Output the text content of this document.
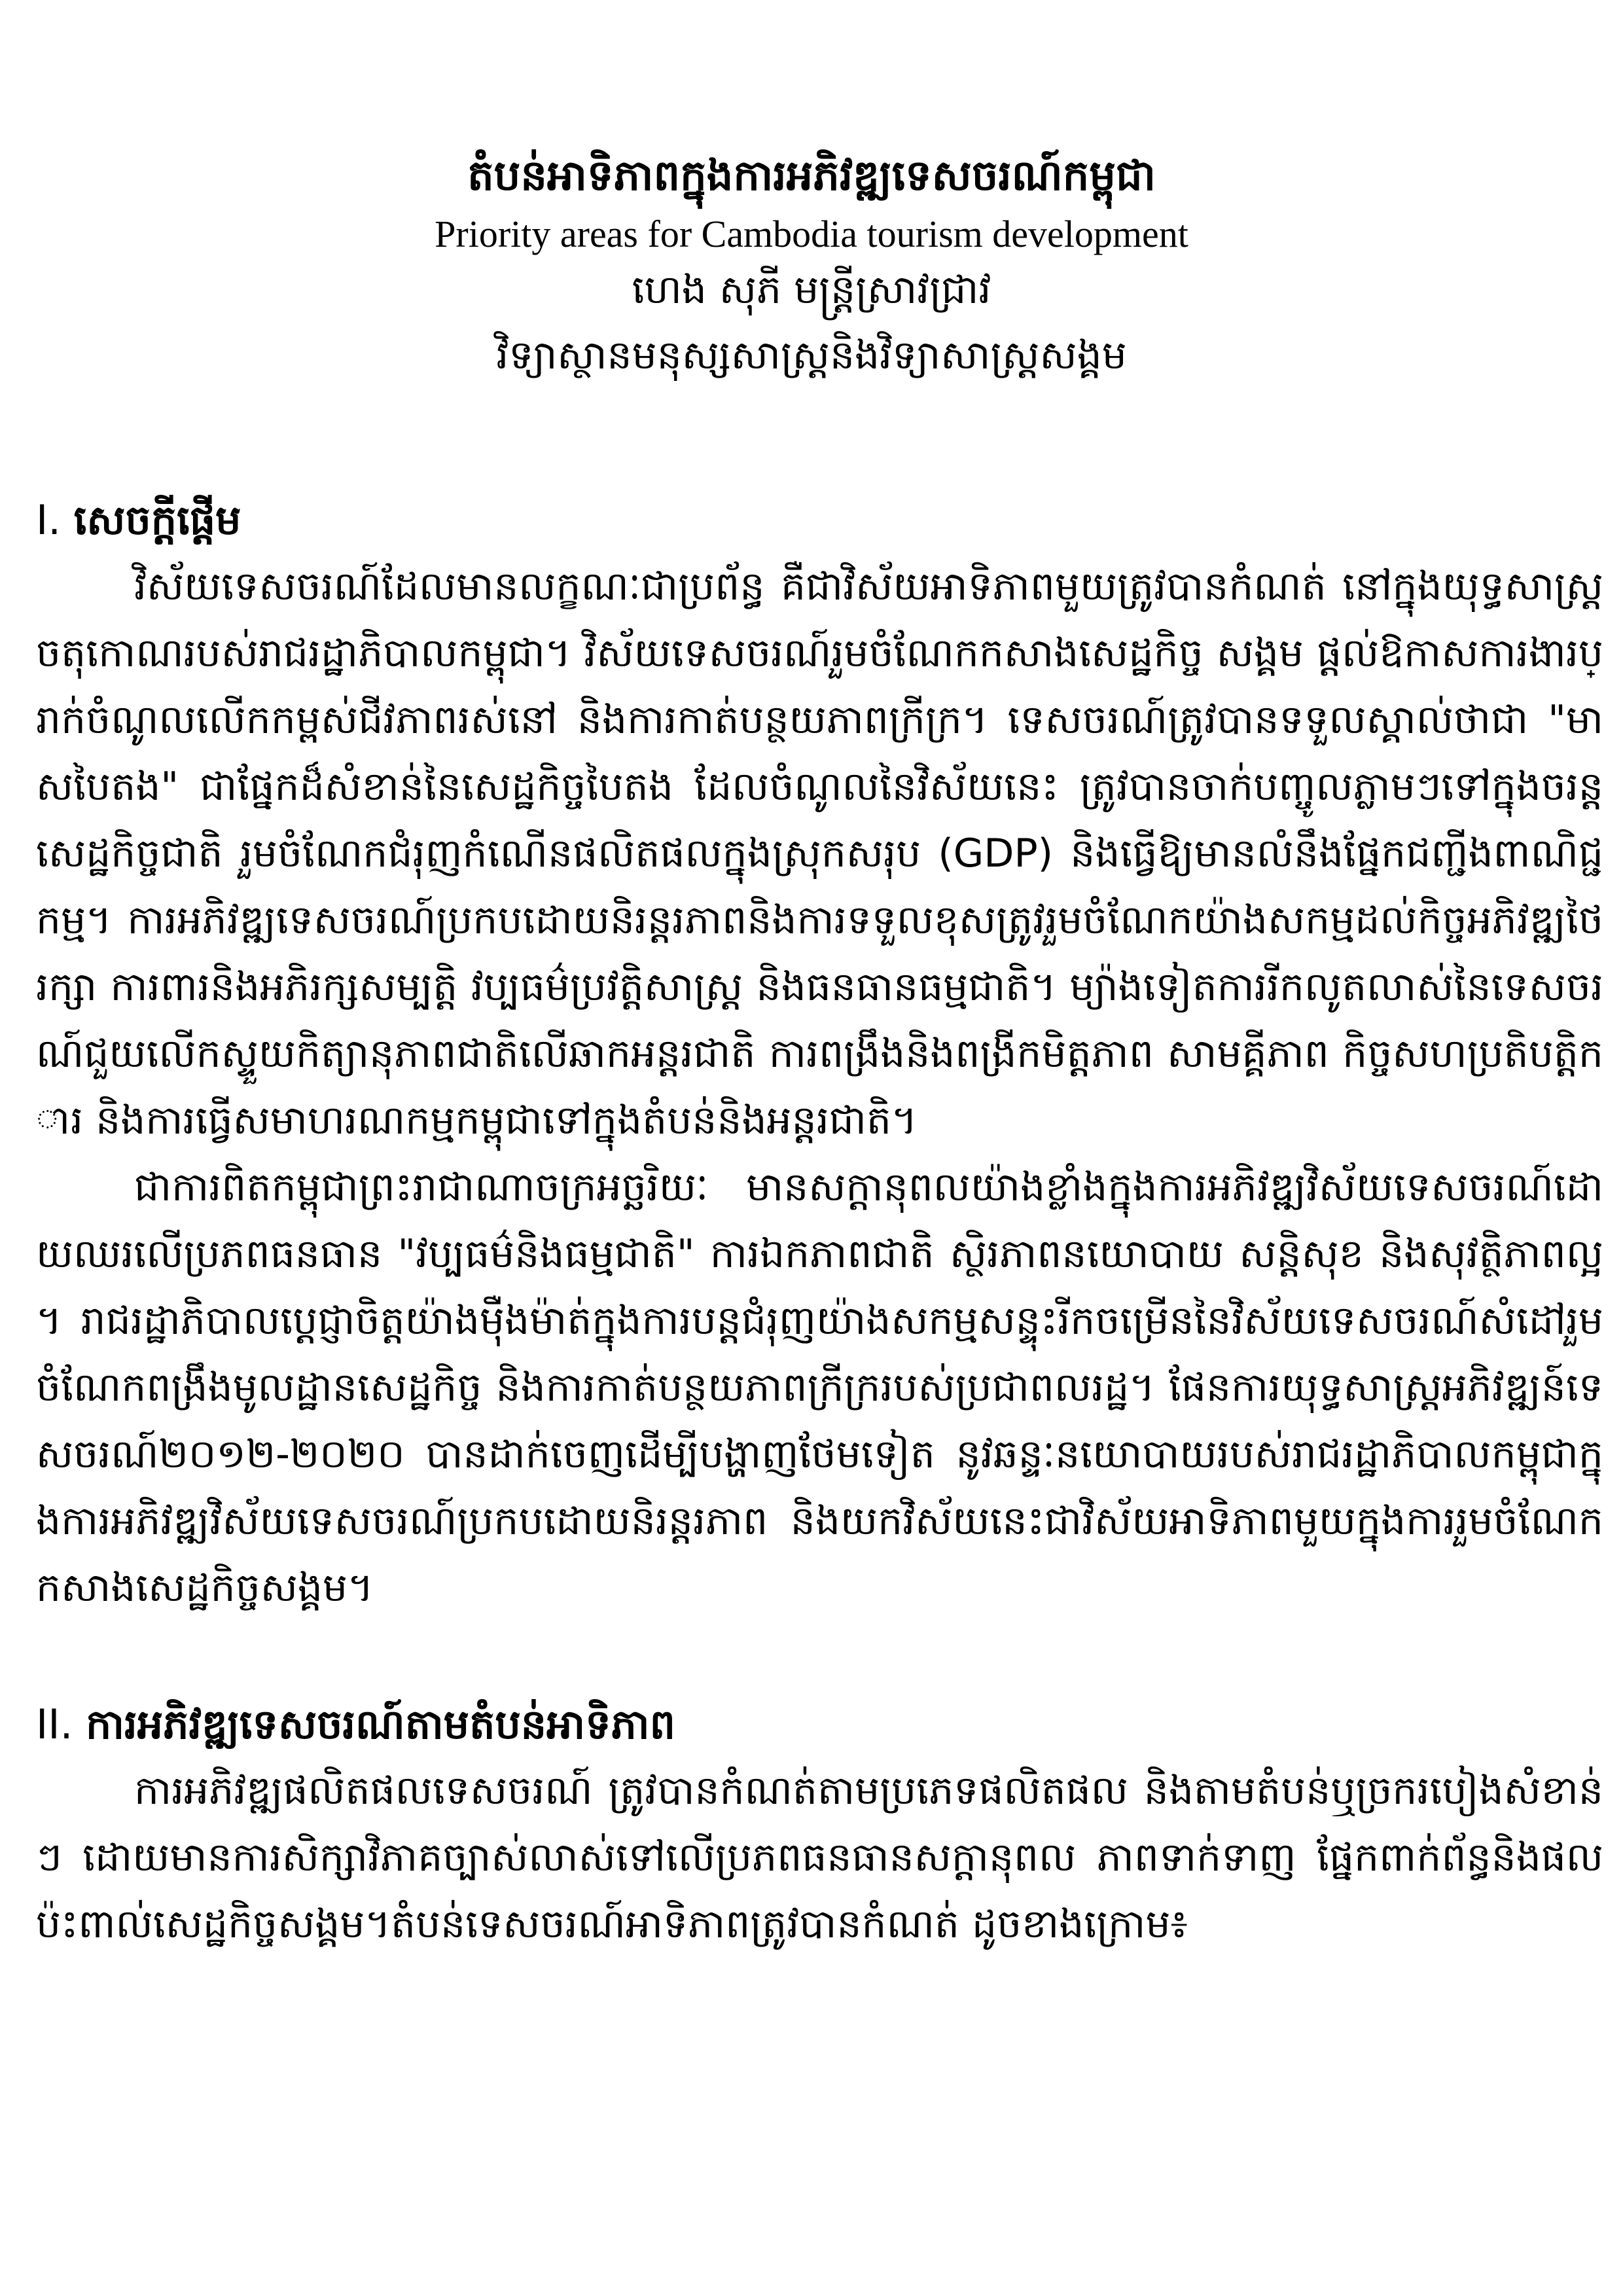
តំបន់អាទិភាពក្នុងការអភិវឌ្ឍទេសចរណ៍កម្ពុជា

Priority areas for Cambodia tourism development

ហេង សុភី មន្ត្រីស្រាវជ្រាវ

វិទ្យាស្ថានមនុស្សសាស្ត្រនិងវិទ្យាសាស្ត្រសង្គម

I. សេចក្តីផ្តើម

វិស័យទេសចរណ៍ដែលមានលក្ខណៈជាប្រព័ន្ធ គឺជាវិស័យអាទិភាពមួយត្រូវបានកំណត់ នៅក្នុងយុទ្ធសាស្ត្រចតុកោណរបស់រាជរដ្ឋាភិបាលកម្ពុជា។ វិស័យទេសចរណ៍រួមចំណែកកសាងសេដ្ឋកិច្ច សង្គម ផ្តល់ឱកាសការងារប្រាក់ចំណូលលើកកម្ពស់ជីវភាពរស់នៅ និងការកាត់បន្ថយភាពក្រីក្រ។ ទេសចរណ៍ត្រូវបានទទួលស្គាល់ថាជា "មាសបៃតង" ជាផ្នែកដ៏សំខាន់នៃសេដ្ឋកិច្ចបៃតង ដែលចំណូលនៃវិស័យនេះ ត្រូវបានចាក់បញ្ចូលភ្លាមៗទៅក្នុងចរន្តសេដ្ឋកិច្ចជាតិ រួមចំណែកជំរុញកំណើនផលិតផលក្នុងស្រុកសរុប (GDP) និងធ្វើឱ្យមានលំនឹងផ្នែកជញ្ជីងពាណិជ្ជកម្ម។ ការអភិវឌ្ឍទេសចរណ៍ប្រកបដោយនិរន្តរភាពនិងការទទួលខុសត្រូវរួមចំណែកយ៉ាងសកម្មដល់កិច្ចអភិវឌ្ឍថៃរក្សា ការពារនិងអភិរក្សសម្បត្តិ វប្បធម៌ប្រវត្តិសាស្ត្រ និងធនធានធម្មជាតិ។ ម្យ៉ាងទៀតការរីកលូតលាស់នៃទេសចរណ៍ជួយលើកស្ទួយកិត្យានុភាពជាតិលើឆាកអន្តរជាតិ ការពង្រឹងនិងពង្រីកមិត្តភាព សាមគ្គីភាព កិច្ចសហប្រតិបត្តិការ និងការធ្វើសមាហរណកម្មកម្ពុជាទៅក្នុងតំបន់និងអន្តរជាតិ។

ជាការពិតកម្ពុជាព្រះរាជាណាចក្រអច្ឆរិយៈ មានសក្តានុពលយ៉ាងខ្លាំងក្នុងការអភិវឌ្ឍវិស័យទេសចរណ៍ដោយឈរលើប្រភពធនធាន "វប្បធម៌និងធម្មជាតិ" ការឯកភាពជាតិ ស្ថិរភាពនយោបាយ សន្តិសុខ និងសុវត្ថិភាពល្អ។ រាជរដ្ឋាភិបាលប្តេជ្ញាចិត្តយ៉ាងម៉ឺងម៉ាត់ក្នុងការបន្តជំរុញយ៉ាងសកម្មសន្ទុះរីកចម្រើននៃវិស័យទេសចរណ៍សំដៅរួមចំណែកពង្រឹងមូលដ្ឋានសេដ្ឋកិច្ច និងការកាត់បន្ថយភាពក្រីក្ររបស់ប្រជាពលរដ្ឋ។ ផែនការយុទ្ធសាស្ត្រអភិវឌ្ឍន៍ទេសចរណ៍២០១២-២០២០ បានដាក់ចេញដើម្បីបង្ហាញថែមទៀត នូវឆន្ទៈនយោបាយរបស់រាជរដ្ឋាភិបាលកម្ពុជាក្នុងការអភិវឌ្ឍវិស័យទេសចរណ៍ប្រកបដោយនិរន្តរភាព និងយកវិស័យនេះជាវិស័យអាទិភាពមួយក្នុងការរួមចំណែកកសាងសេដ្ឋកិច្ចសង្គម។

II. ការអភិវឌ្ឍទេសចរណ៍តាមតំបន់អាទិភាព

ការអភិវឌ្ឍផលិតផលទេសចរណ៍ ត្រូវបានកំណត់តាមប្រភេទផលិតផល និងតាមតំបន់ឬច្រករបៀងសំខាន់ៗ ដោយមានការសិក្សាវិភាគច្បាស់លាស់ទៅលើប្រភពធនធានសក្តានុពល ភាពទាក់ទាញ ផ្នែកពាក់ព័ន្ធនិងផលប៉ះពាល់សេដ្ឋកិច្ចសង្គម។តំបន់ទេសចរណ៍អាទិភាពត្រូវបានកំណត់ ដូចខាងក្រោម៖
